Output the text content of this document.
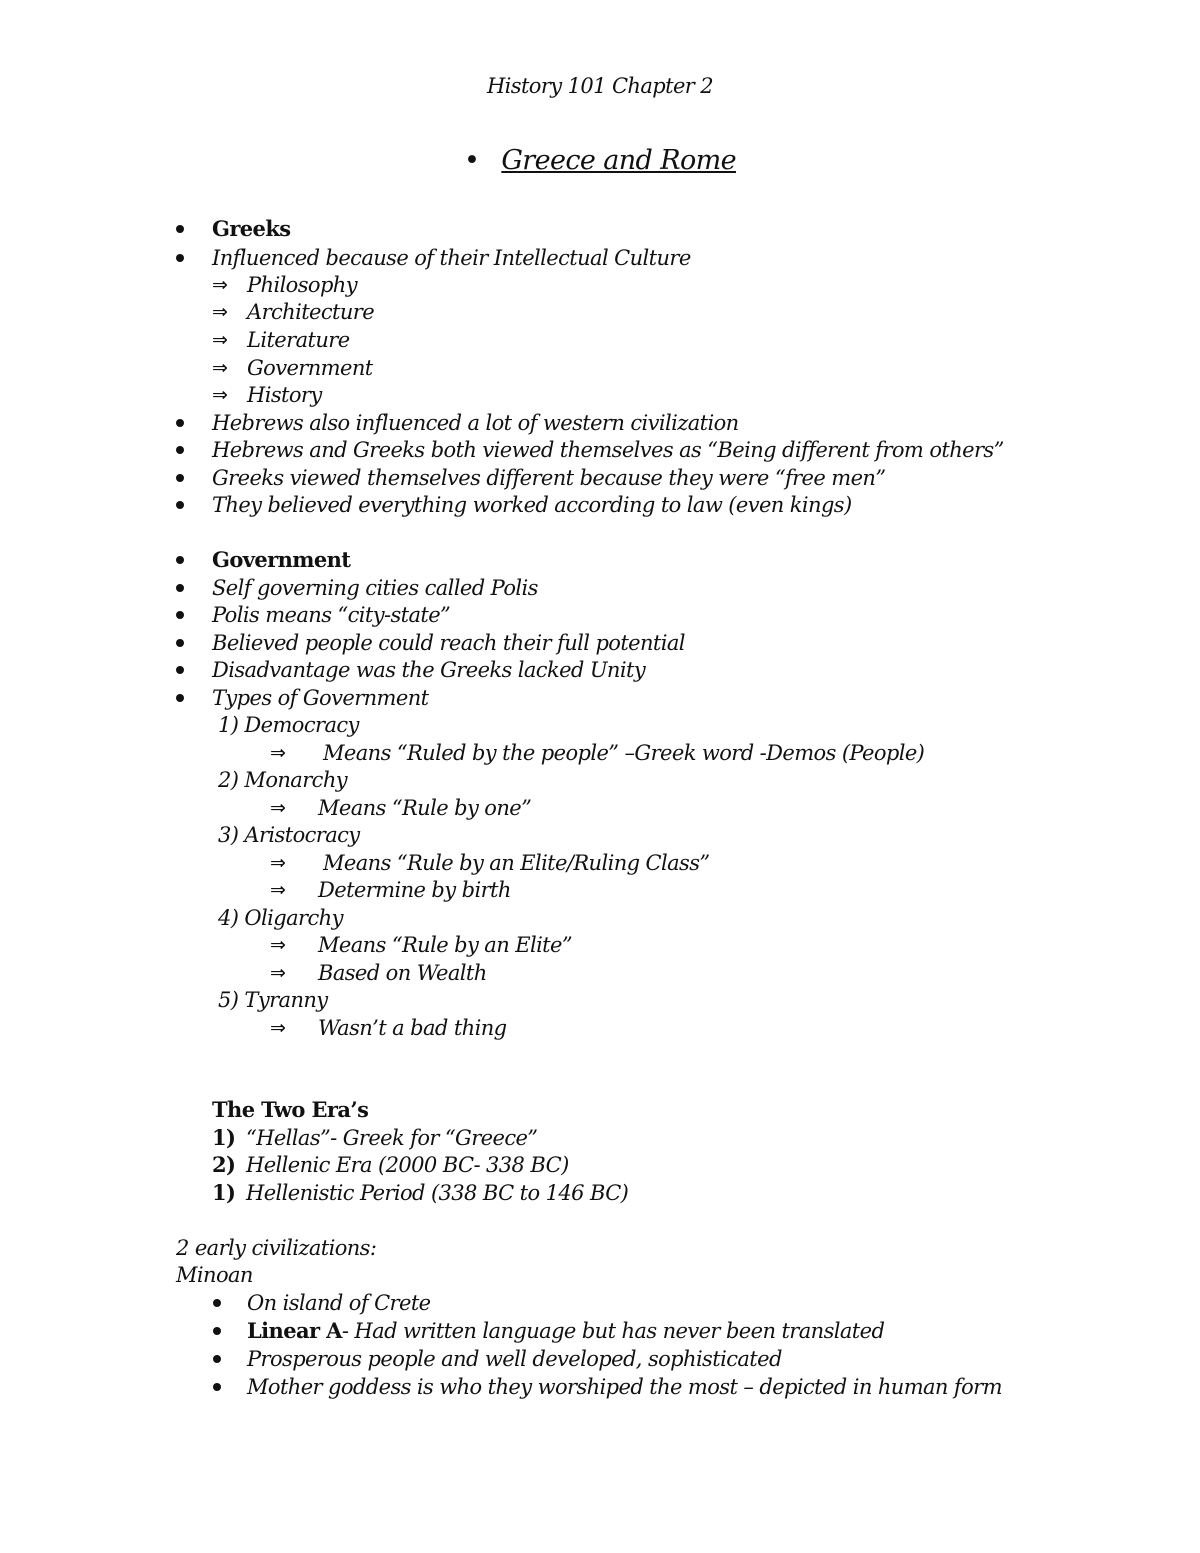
History 101 Chapter 2
• Greece and Rome
Greeks
Influenced because of their Intellectual Culture
⇒ Philosophy
⇒ Architecture
⇒ Literature
⇒ Government
⇒ History
Hebrews also influenced a lot of western civilization
Hebrews and Greeks both viewed themselves as “Being different from others”
Greeks viewed themselves different because they were “free men”
They believed everything worked according to law (even kings)
Government
Self governing cities called Polis
Polis means “city-state”
Believed people could reach their full potential
Disadvantage was the Greeks lacked Unity
Types of Government
1) Democracy
⇒ Means “Ruled by the people” –Greek word -Demos (People)
2) Monarchy
⇒ Means “Rule by one”
3) Aristocracy
⇒ Means “Rule by an Elite/Ruling Class”
⇒ Determine by birth
4) Oligarchy
⇒ Means “Rule by an Elite”
⇒ Based on Wealth
5) Tyranny
⇒ Wasn’t a bad thing
The Two Era’s
1) “Hellas”- Greek for “Greece”
2) Hellenic Era (2000 BC- 338 BC)
1) Hellenistic Period (338 BC to 146 BC)
2 early civilizations:
Minoan
On island of Crete
Linear A- Had written language but has never been translated
Prosperous people and well developed, sophisticated
Mother goddess is who they worshiped the most – depicted in human form
